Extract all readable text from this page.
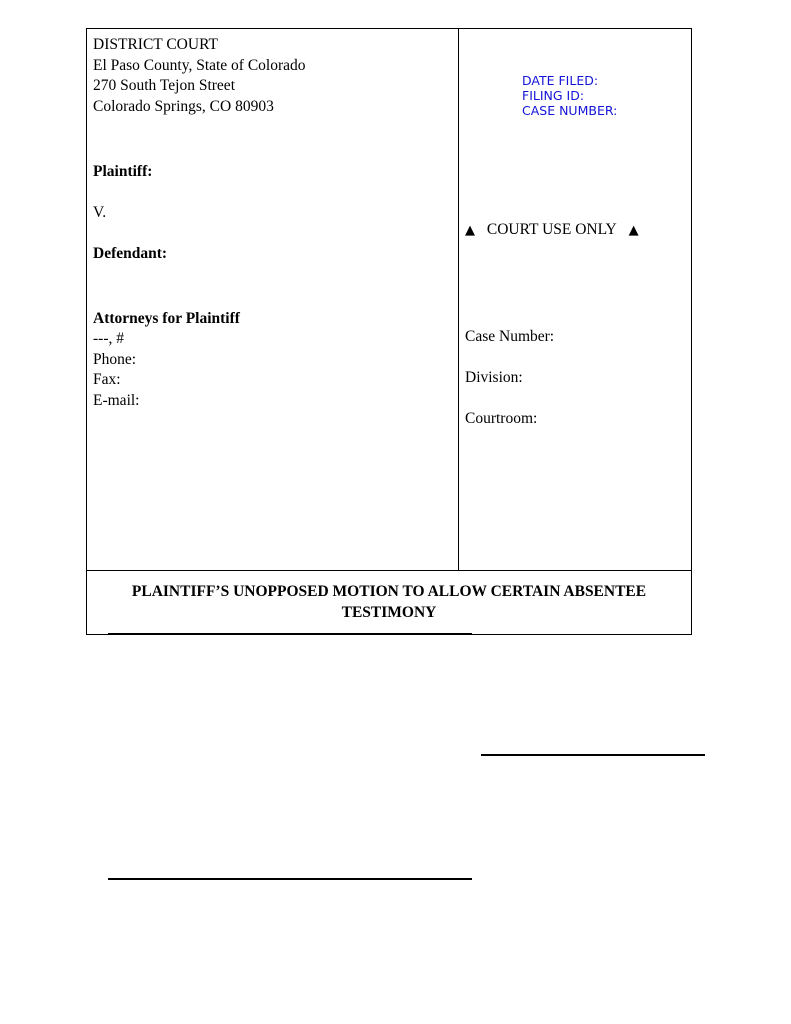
DISTRICT COURT
El Paso County, State of Colorado
270 South Tejon Street
Colorado Springs, CO 80903
Plaintiff:
V.
Defendant:
Attorneys for Plaintiff
---, #
Phone:
Fax:
E-mail:
DATE FILED:
FILING ID:
CASE NUMBER:
▲ COURT USE ONLY ▲
Case Number:
Division:
Courtroom:
PLAINTIFF’S UNOPPOSED MOTION TO ALLOW CERTAIN ABSENTEE
TESTIMONY
